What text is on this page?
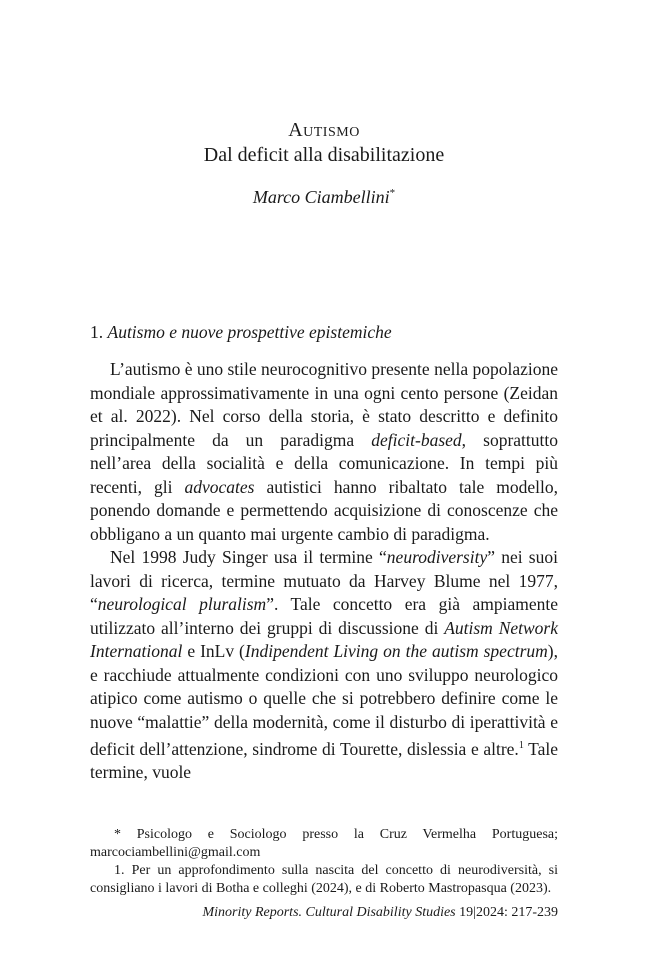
Autismo
Dal deficit alla disabilitazione
Marco Ciambellini*
1. Autismo e nuove prospettive epistemiche

L’autismo è uno stile neurocognitivo presente nella popolazione mondiale approssimativamente in una ogni cento persone (Zeidan et al. 2022). Nel corso della storia, è stato descritto e definito principalmente da un paradigma deficit-based, soprattutto nell’area della socialità e della comunicazione. In tempi più recenti, gli advocates autistici hanno ribaltato tale modello, ponendo domande e permettendo acquisizione di conoscenze che obbligano a un quanto mai urgente cambio di paradigma.

Nel 1998 Judy Singer usa il termine “neurodiversity” nei suoi lavori di ricerca, termine mutuato da Harvey Blume nel 1977, “neurological pluralism”. Tale concetto era già ampiamente utilizzato all’interno dei gruppi di discussione di Autism Network International e InLv (Indipendent Living on the autism spectrum), e racchiude attualmente condizioni con uno sviluppo neurologico atipico come autismo o quelle che si potrebbero definire come le nuove “malattie” della modernità, come il disturbo di iperattività e deficit dell’attenzione, sindrome di Tourette, dislessia e altre.$^1$ Tale termine, vuole

* Psicologo e Sociologo presso la Cruz Vermelha Portuguesa; marcociambellini@gmail.com

1. Per un approfondimento sulla nascita del concetto di neurodiversità, si consigliano i lavori di Botha e colleghi (2024), e di Roberto Mastropasqua (2023).

Minority Reports. Cultural Disability Studies 19|2024: 217-239
